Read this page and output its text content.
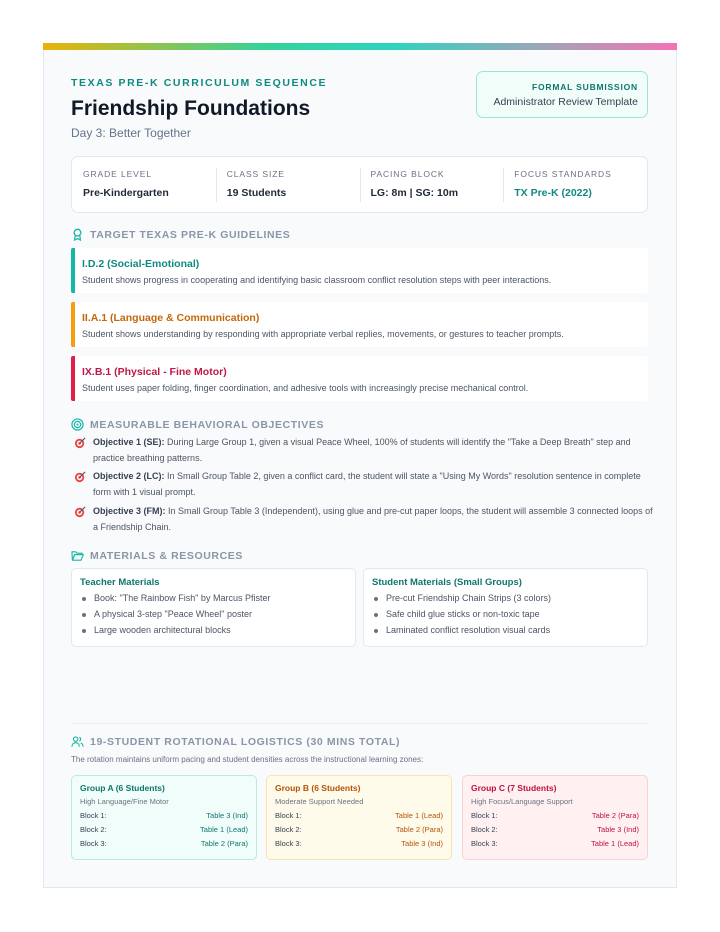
TEXAS PRE-K CURRICULUM SEQUENCE
Friendship Foundations
Day 3: Better Together
FORMAL SUBMISSION
Administrator Review Template
GRADE LEVEL
Pre-Kindergarten
CLASS SIZE
19 Students
PACING BLOCK
LG: 8m | SG: 10m
FOCUS STANDARDS
TX Pre-K (2022)
TARGET TEXAS PRE-K GUIDELINES
I.D.2 (Social-Emotional)
Student shows progress in cooperating and identifying basic classroom conflict resolution steps with peer interactions.
II.A.1 (Language & Communication)
Student shows understanding by responding with appropriate verbal replies, movements, or gestures to teacher prompts.
IX.B.1 (Physical - Fine Motor)
Student uses paper folding, finger coordination, and adhesive tools with increasingly precise mechanical control.
MEASURABLE BEHAVIORAL OBJECTIVES
Objective 1 (SE): During Large Group 1, given a visual Peace Wheel, 100% of students will identify the "Take a Deep Breath" step and practice breathing patterns.
Objective 2 (LC): In Small Group Table 2, given a conflict card, the student will state a "Using My Words" resolution sentence in complete form with 1 visual prompt.
Objective 3 (FM): In Small Group Table 3 (Independent), using glue and pre-cut paper loops, the student will assemble 3 connected loops of a Friendship Chain.
MATERIALS & RESOURCES
Teacher Materials
Book: "The Rainbow Fish" by Marcus Pfister
A physical 3-step "Peace Wheel" poster
Large wooden architectural blocks
Student Materials (Small Groups)
Pre-cut Friendship Chain Strips (3 colors)
Safe child glue sticks or non-toxic tape
Laminated conflict resolution visual cards
19-STUDENT ROTATIONAL LOGISTICS (30 MINS TOTAL)
The rotation maintains uniform pacing and student densities across the instructional learning zones:
Group A (6 Students)
High Language/Fine Motor
Block 1:	Table 3 (Ind)
Block 2:	Table 1 (Lead)
Block 3:	Table 2 (Para)
Group B (6 Students)
Moderate Support Needed
Block 1:	Table 1 (Lead)
Block 2:	Table 2 (Para)
Block 3:	Table 3 (Ind)
Group C (7 Students)
High Focus/Language Support
Block 1:	Table 2 (Para)
Block 2:	Table 3 (Ind)
Block 3:	Table 1 (Lead)
